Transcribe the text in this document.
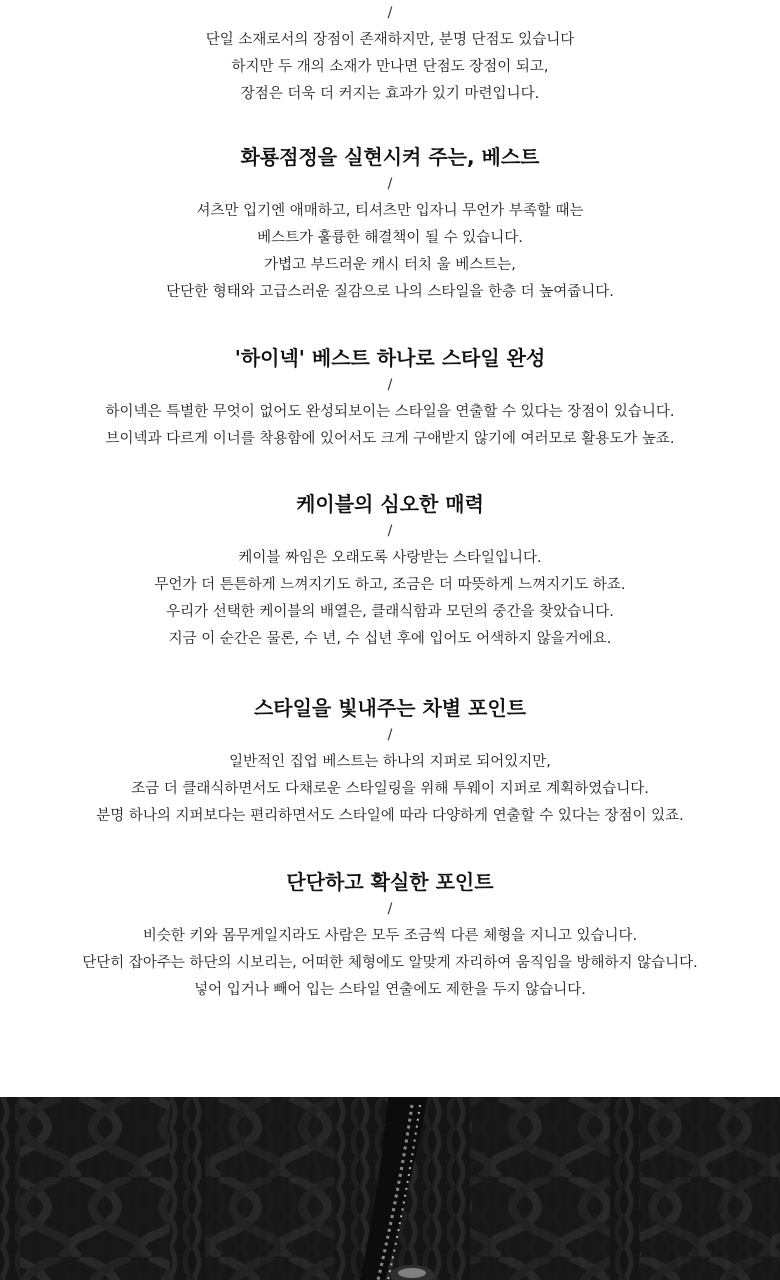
/
단일 소재로서의 장점이 존재하지만, 분명 단점도 있습니다
하지만 두 개의 소재가 만나면 단점도 장점이 되고,
장점은 더욱 더 커지는 효과가 있기 마련입니다.
화룡점정을 실현시켜 주는, 베스트
/
셔츠만 입기엔 애매하고, 티셔츠만 입자니 무언가 부족할 때는
베스트가 훌륭한 해결책이 될 수 있습니다.
가볍고 부드러운 캐시 터치 울 베스트는,
단단한 형태와 고급스러운 질감으로 나의 스타일을 한층 더 높여줍니다.
'하이넥' 베스트 하나로 스타일 완성
/
하이넥은 특별한 무엇이 없어도 완성되보이는 스타일을 연출할 수 있다는 장점이 있습니다.
브이넥과 다르게 이너를 착용함에 있어서도 크게 구애받지 않기에 여러모로 활용도가 높죠.
케이블의 심오한 매력
/
케이블 짜임은 오래도록 사랑받는 스타일입니다.
무언가 더 튼튼하게 느껴지기도 하고, 조금은 더 따뜻하게 느껴지기도 하죠.
우리가 선택한 케이블의 배열은, 클래식함과 모던의 중간을 찾았습니다.
지금 이 순간은 물론, 수 년, 수 십년 후에 입어도 어색하지 않을거에요.
스타일을 빛내주는 차별 포인트
/
일반적인 집업 베스트는 하나의 지퍼로 되어있지만,
조금 더 클래식하면서도 다채로운 스타일링을 위해 투웨이 지퍼로 계획하였습니다.
분명 하나의 지퍼보다는 편리하면서도 스타일에 따라 다양하게 연출할 수 있다는 장점이 있죠.
단단하고 확실한 포인트
/
비슷한 키와 몸무게일지라도 사람은 모두 조금씩 다른 체형을 지니고 있습니다.
단단히 잡아주는 하단의 시보리는, 어떠한 체형에도 알맞게 자리하여 움직임을 방해하지 않습니다.
넣어 입거나 빼어 입는 스타일 연출에도 제한을 두지 않습니다.
